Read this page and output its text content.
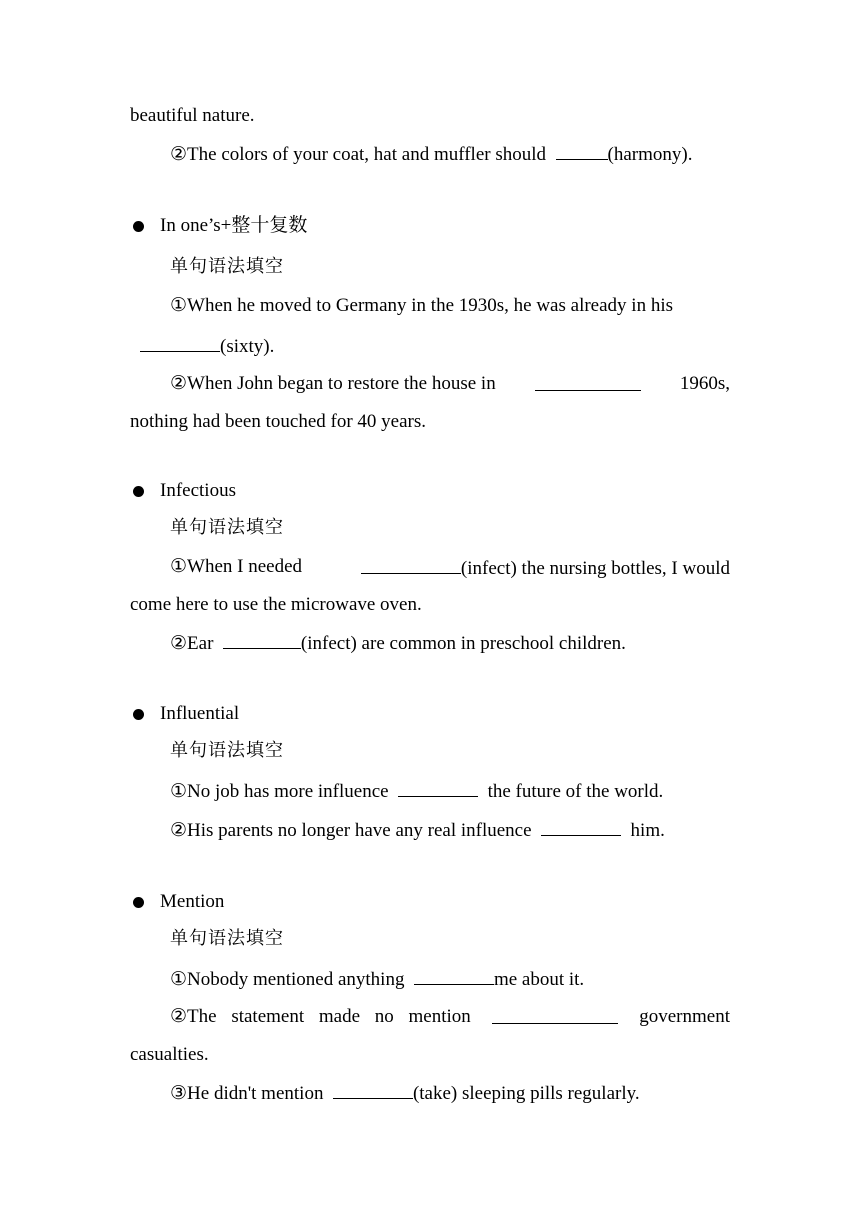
beautiful nature.
②The colors of your coat, hat and muffler should	(harmony).
In one’s+整十复数
单句语法填空
①When he moved to Germany in the 1930s, he was already in his
(sixty).
②When John began to restore the house in	1960s,
nothing had been touched for 40 years.
Infectious
单句语法填空
①When I needed	(infect) the nursing bottles, I would
come here to use the microwave oven.
②Ear	(infect) are common in preschool children.
Influential
单句语法填空
①No job has more influence	the future of the world.
②His parents no longer have any real influence	him.
Mention
单句语法填空
①Nobody mentioned anything	me about it.
②The statement made no mention	government
casualties.
③He didn't mention	(take) sleeping pills regularly.
